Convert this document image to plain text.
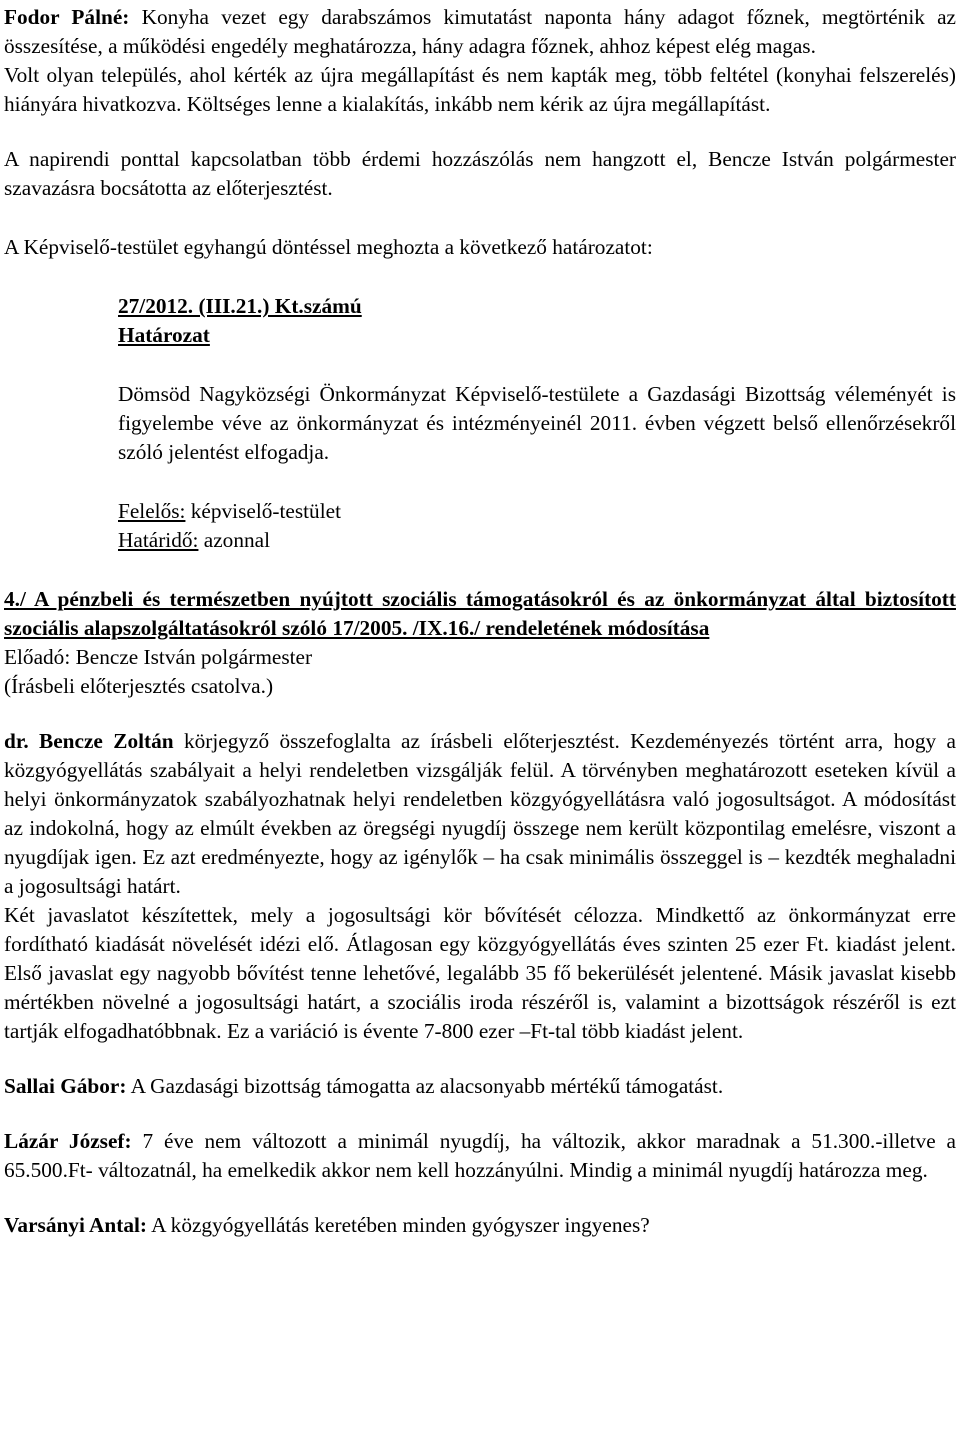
Fodor Pálné: Konyha vezet egy darabszámos kimutatást naponta hány adagot főznek, megtörténik az összesítése, a működési engedély meghatározza, hány adagra főznek, ahhoz képest elég magas.

Volt olyan település, ahol kérték az újra megállapítást és nem kapták meg, több feltétel (konyhai felszerelés) hiányára hivatkozva. Költséges lenne a kialakítás, inkább nem kérik az újra megállapítást.

A napirendi ponttal kapcsolatban több érdemi hozzászólás nem hangzott el, Bencze István polgármester szavazásra bocsátotta az előterjesztést.

A Képviselő-testület egyhangú döntéssel meghozta a következő határozatot:

27/2012. (III.21.) Kt.számú

Határozat

Dömsöd Nagyközségi Önkormányzat Képviselő-testülete a Gazdasági Bizottság véleményét is figyelembe véve az önkormányzat és intézményeinél 2011. évben végzett belső ellenőrzésekről szóló jelentést elfogadja.

Felelős: képviselő-testület

Határidő: azonnal

4./ A pénzbeli és természetben nyújtott szociális támogatásokról és az önkormányzat által biztosított szociális alapszolgáltatásokról szóló 17/2005. /IX.16./ rendeletének módosítása

Előadó: Bencze István polgármester

(Írásbeli előterjesztés csatolva.)

dr. Bencze Zoltán körjegyző összefoglalta az írásbeli előterjesztést. Kezdeményezés történt arra, hogy a közgyógyellátás szabályait a helyi rendeletben vizsgálják felül. A törvényben meghatározott eseteken kívül a helyi önkormányzatok szabályozhatnak helyi rendeletben közgyógyellátásra való jogosultságot. A módosítást az indokolná, hogy az elmúlt években az öregségi nyugdíj összege nem került központilag emelésre, viszont a nyugdíjak igen. Ez azt eredményezte, hogy az igénylők – ha csak minimális összeggel is – kezdték meghaladni a jogosultsági határt.

Két javaslatot készítettek, mely a jogosultsági kör bővítését célozza. Mindkettő az önkormányzat erre fordítható kiadását növelését idézi elő. Átlagosan egy közgyógyellátás éves szinten 25 ezer Ft. kiadást jelent. Első javaslat egy nagyobb bővítést tenne lehetővé, legalább 35 fő bekerülését jelentené. Másik javaslat kisebb mértékben növelné a jogosultsági határt, a szociális iroda részéről is, valamint a bizottságok részéről is ezt tartják elfogadhatóbbnak. Ez a variáció is évente 7-800 ezer –Ft-tal több kiadást jelent.

Sallai Gábor: A Gazdasági bizottság támogatta az alacsonyabb mértékű támogatást.

Lázár József: 7 éve nem változott a minimál nyugdíj, ha változik, akkor maradnak a 51.300.-illetve a 65.500.Ft- változatnál, ha emelkedik akkor nem kell hozzányúlni. Mindig a minimál nyugdíj határozza meg.

Varsányi Antal: A közgyógyellátás keretében minden gyógyszer ingyenes?
